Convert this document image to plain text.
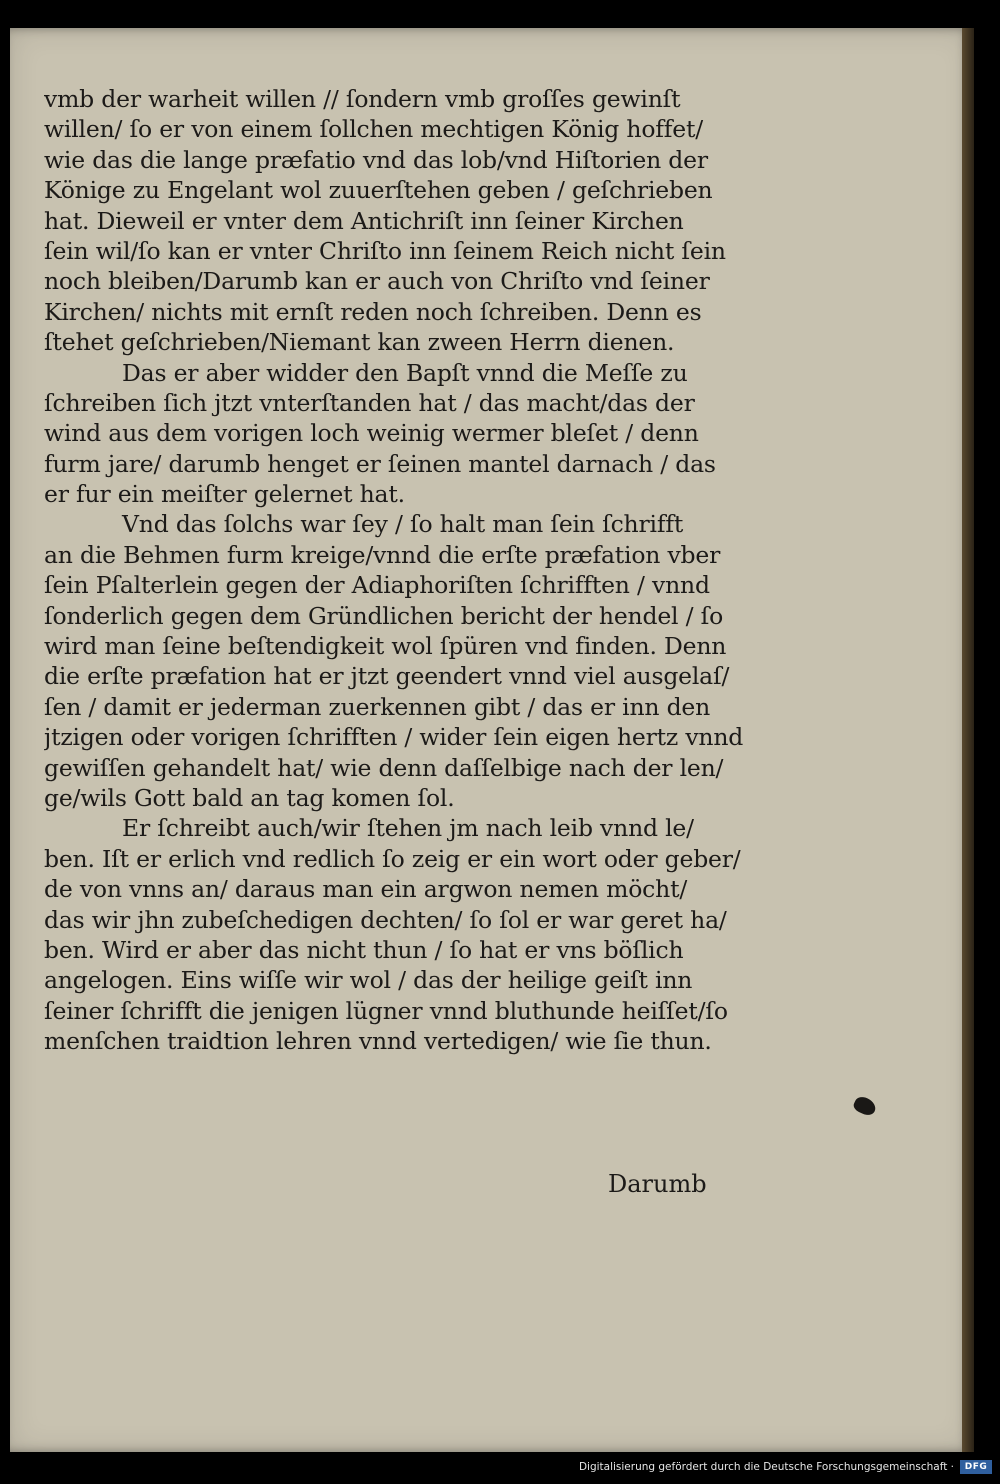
vmb der warheit willen // ſondern vmb groſſes gewinſt
willen/ ſo er von einem ſollchen mechtigen König hoffet/
wie das die lange præfatio vnd das lob/vnd Hiſtorien der
Könige zu Engelant wol zuuerſtehen geben / geſchrieben
hat. Dieweil er vnter dem Antichriſt inn ſeiner Kirchen
ſein wil/ſo kan er vnter Chriſto inn ſeinem Reich nicht ſein
noch bleiben/Darumb kan er auch von Chriſto vnd ſeiner
Kirchen/ nichts mit ernſt reden noch ſchreiben. Denn es
ſtehet geſchrieben/Niemant kan zween Herrn dienen.
Das er aber widder den Bapſt vnnd die Meſſe zu
ſchreiben ſich jtzt vnterſtanden hat / das macht/das der
wind aus dem vorigen loch weinig wermer bleſet / denn
furm jare/ darumb henget er ſeinen mantel darnach / das
er fur ein meiſter gelernet hat.
Vnd das ſolchs war ſey / ſo halt man ſein ſchrifft
an die Behmen furm kreige/vnnd die erſte præfation vber
ſein Pſalterlein gegen der Adiaphoriſten ſchrifften / vnnd
ſonderlich gegen dem Gründlichen bericht der hendel / ſo
wird man ſeine beſtendigkeit wol ſpüren vnd finden. Denn
die erſte præfation hat er jtzt geendert vnnd viel ausgelaſ/
ſen / damit er jederman zuerkennen gibt / das er inn den
jtzigen oder vorigen ſchrifften / wider ſein eigen hertz vnnd
gewiſſen gehandelt hat/ wie denn daſſelbige nach der len/
ge/wils Gott bald an tag komen ſol.
Er ſchreibt auch/wir ſtehen jm nach leib vnnd le/
ben. Iſt er erlich vnd redlich ſo zeig er ein wort oder geber/
de von vnns an/ daraus man ein argwon nemen möcht/
das wir jhn zubeſchedigen dechten/ ſo ſol er war geret ha/
ben. Wird er aber das nicht thun / ſo hat er vns böſlich
angelogen. Eins wiſſe wir wol / das der heilige geiſt inn
ſeiner ſchrifft die jenigen lügner vnnd bluthunde heiſſet/ſo
menſchen traidtion lehren vnnd vertedigen/ wie ſie thun.
Darumb
Digitalisierung gefördert durch die Deutsche Forschungsgemeinschaft ·	DFG
